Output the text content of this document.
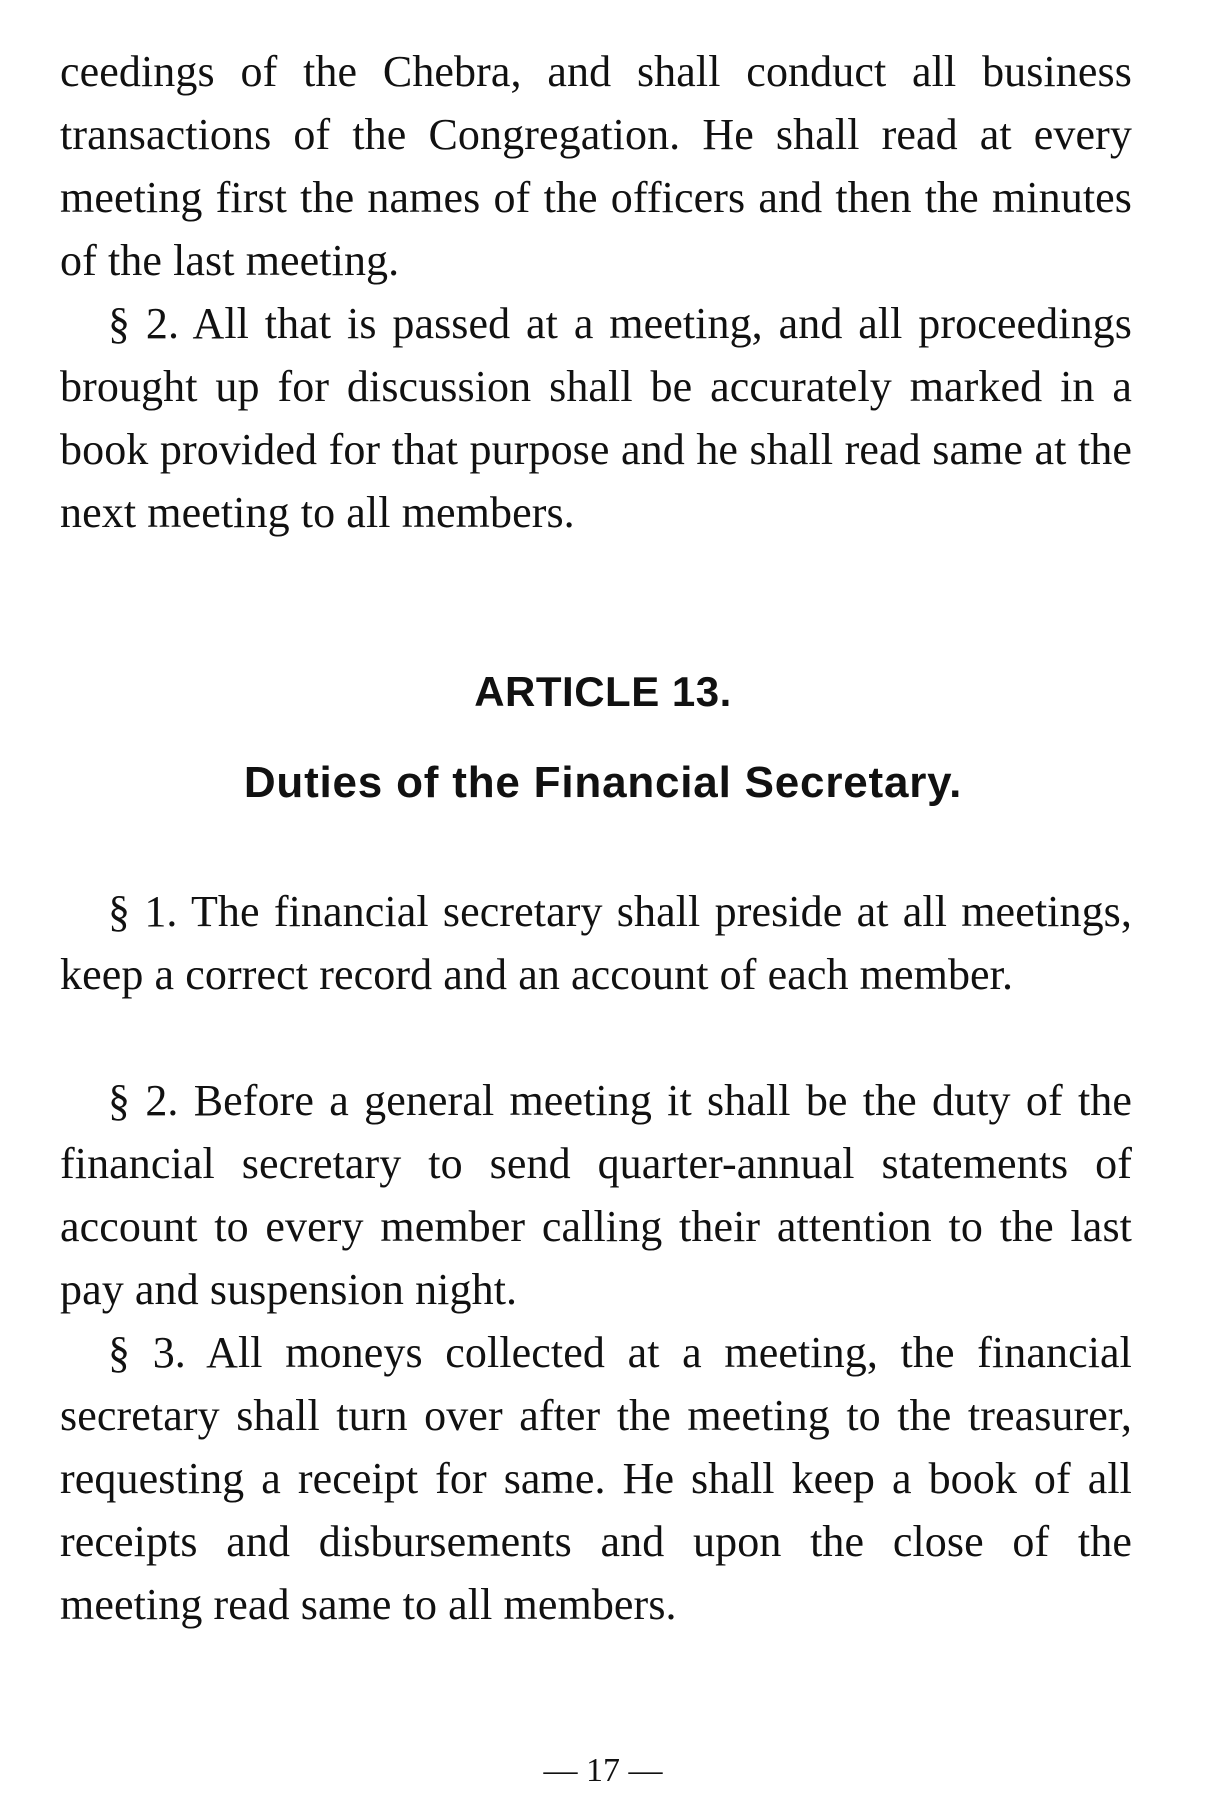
ceedings of the Chebra, and shall conduct all business transactions of the Congregation. He shall read at every meeting first the names of the officers and then the minutes of the last meeting.

§ 2. All that is passed at a meeting, and all proceedings brought up for discussion shall be accurately marked in a book provided for that purpose and he shall read same at the next meeting to all members.

ARTICLE 13.
Duties of the Financial Secretary.

§ 1. The financial secretary shall preside at all meetings, keep a correct record and an account of each member.

§ 2. Before a general meeting it shall be the duty of the financial secretary to send quarter-annual statements of account to every member calling their attention to the last pay and suspension night.

§ 3. All moneys collected at a meeting, the financial secretary shall turn over after the meeting to the treasurer, requesting a receipt for same. He shall keep a book of all receipts and disbursements and upon the close of the meeting read same to all members.

— 17 —
